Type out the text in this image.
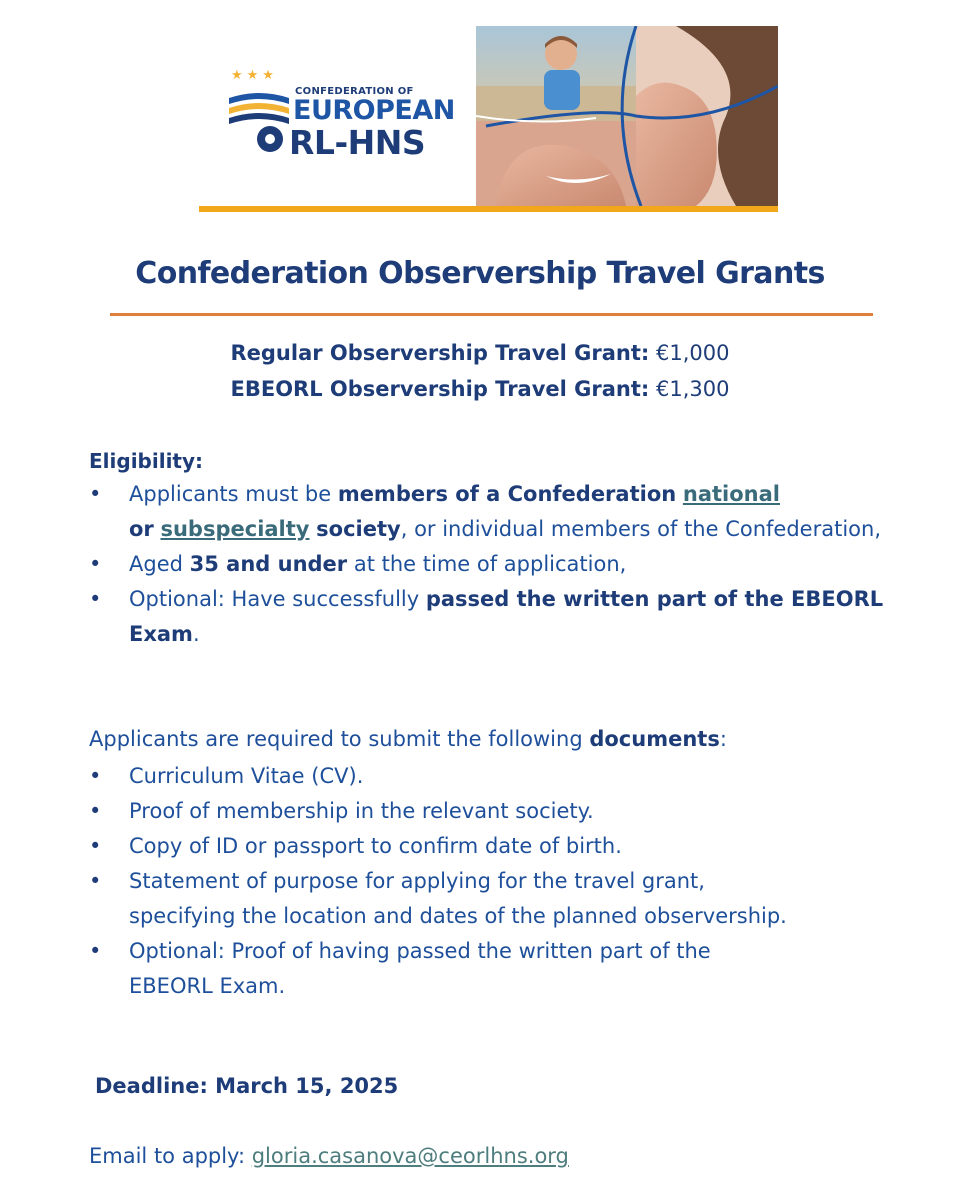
★★★
CONFEDERATION OF
EUROPEAN
RL-HNS
Confederation Observership Travel Grants
Regular Observership Travel Grant: €1,000
EBEORL Observership Travel Grant: €1,300
Eligibility:
• Applicants must be members of a Confederation national
or subspecialty society, or individual members of the Confederation,
• Aged 35 and under at the time of application,
• Optional: Have successfully passed the written part of the EBEORL Exam.
Applicants are required to submit the following documents:
• Curriculum Vitae (CV).
• Proof of membership in the relevant society.
• Copy of ID or passport to confirm date of birth.
• Statement of purpose for applying for the travel grant, specifying the location and dates of the planned observership.
• Optional: Proof of having passed the written part of the EBEORL Exam.
Deadline: March 15, 2025
Email to apply: gloria.casanova@ceorlhns.org
